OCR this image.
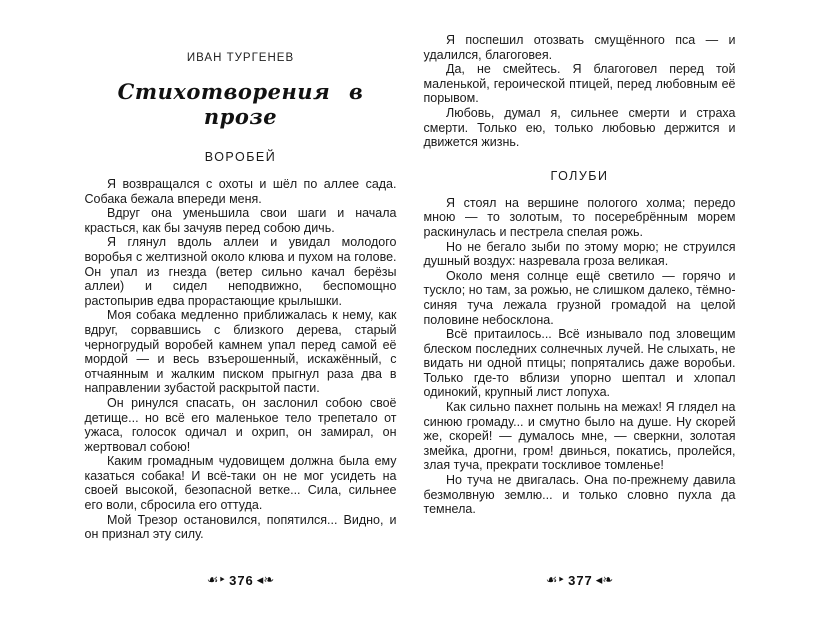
ИВАН ТУРГЕНЕВ
Стихотворения в прозе
ВОРОБЕЙ

Я возвращался с охоты и шёл по аллее сада. Собака бежала впереди меня.

Вдруг она уменьшила свои шаги и начала красться, как бы зачуяв перед собою дичь.

Я глянул вдоль аллеи и увидал молодого воробья с желтизной около клюва и пухом на голове. Он упал из гнезда (ветер сильно качал берёзы аллеи) и сидел неподвижно, беспомощно растопырив едва прорастающие крылышки.

Моя собака медленно приближалась к нему, как вдруг, сорвавшись с близкого дерева, старый черногрудый воробей камнем упал перед самой её мордой — и весь взъерошенный, искажённый, с отчаянным и жалким писком прыгнул раза два в направлении зубастой раскрытой пасти.

Он ринулся спасать, он заслонил собою своё детище... но всё его маленькое тело трепетало от ужаса, голосок одичал и охрип, он замирал, он жертвовал собою!

Каким громадным чудовищем должна была ему казаться собака! И всё-таки он не мог усидеть на своей высокой, безопасной ветке... Сила, сильнее его воли, сбросила его оттуда.

Мой Трезор остановился, попятился... Видно, и он признал эту силу.

☙‣ 376 ◂❧

Я поспешил отозвать смущённого пса — и удалился, благоговея.

Да, не смейтесь. Я благоговел перед той маленькой, героической птицей, перед любовным её порывом.

Любовь, думал я, сильнее смерти и страха смерти. Только ею, только любовью держится и движется жизнь.

ГОЛУБИ

Я стоял на вершине пологого холма; передо мною — то золотым, то посеребрённым морем раскинулась и пестрела спелая рожь.

Но не бегало зыби по этому морю; не струился душный воздух: назревала гроза великая.

Около меня солнце ещё светило — горячо и тускло; но там, за рожью, не слишком далеко, тёмно-синяя туча лежала грузной громадой на целой половине небосклона.

Всё притаилось... Всё изнывало под зловещим блеском последних солнечных лучей. Не слыхать, не видать ни одной птицы; попрятались даже воробьи. Только где-то вблизи упорно шептал и хлопал одинокий, крупный лист лопуха.

Как сильно пахнет полынь на межах! Я глядел на синюю громаду... и смутно было на душе. Ну скорей же, скорей! — думалось мне, — сверкни, золотая змейка, дрогни, гром! двинься, покатись, пролейся, злая туча, прекрати тоскливое томленье!

Но туча не двигалась. Она по-прежнему давила безмолвную землю... и только словно пухла да темнела.

☙‣ 377 ◂❧
